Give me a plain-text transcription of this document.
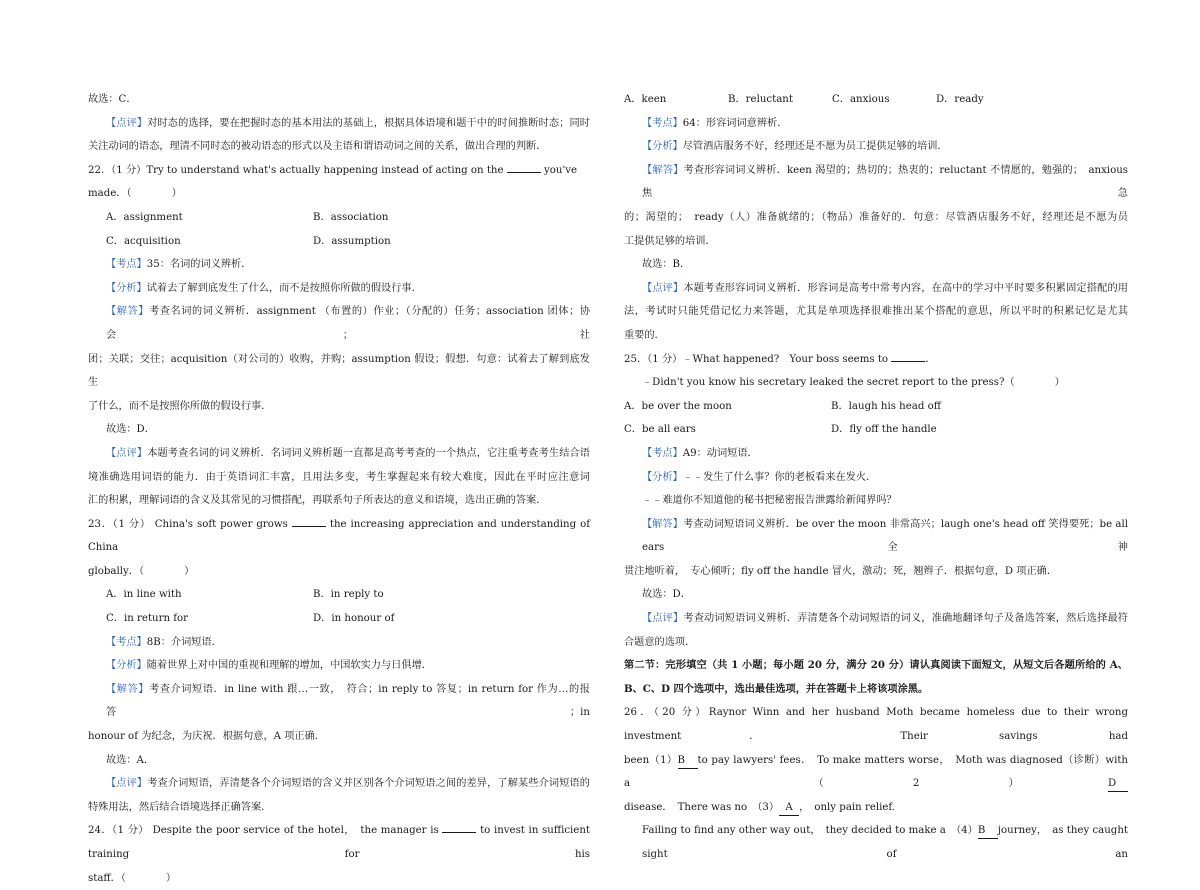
故选：C．

【点评】对时态的选择，要在把握时态的基本用法的基础上，根据具体语境和题干中的时间推断时态；同时

关注动词的语态，理清不同时态的被动语态的形式以及主语和谓语动词之间的关系，做出合理的判断．

22．（1 分）Try to understand what's actually happening instead of acting on the	you've made．（	）

A．assignment	B．association

C．acquisition	D．assumption

【考点】35：名词的词义辨析．

【分析】试着去了解到底发生了什么，而不是按照你所做的假设行事．

【解答】考查名词的词义辨析．assignment （布置的）作业；（分配的）任务；association 团体；协会；社

团；关联；交往；acquisition（对公司的）收购，并购；assumption 假设；假想．句意：试着去了解到底发生

了什么，而不是按照你所做的假设行事．

故选：D．

【点评】本题考查名词的词义辨析．名词词义辨析题一直都是高考考查的一个热点，它注重考查考生结合语

境准确选用词语的能力．由于英语词汇丰富，且用法多变，考生掌握起来有较大难度，因此在平时应注意词

汇的积累，理解词语的含义及其常见的习惯搭配，再联系句子所表达的意义和语境，选出正确的答案．

23．（1 分） China's soft power grows	the increasing appreciation and understanding of China

globally．（	）

A．in line with	B．in reply to

C．in return for	D．in honour of

【考点】8B：介词短语．

【分析】随着世界上对中国的重视和理解的增加，中国软实力与日俱增．

【解答】考查介词短语．in line with 跟…一致，　符合；in reply to 答复；in return for 作为…的报答；in

honour of 为纪念，为庆祝．根据句意，A 项正确．

故选：A．

【点评】考查介词短语，弄清楚各个介词短语的含义并区别各个介词短语之间的差异，了解某些介词短语的

特殊用法，然后结合语境选择正确答案．

24．（1 分） Despite the poor service of the hotel，　the manager is	to invest in sufficient training for his

staff．（	）

A．keen	B．reluctant	C．anxious	D．ready

【考点】64：形容词词意辨析．

【分析】尽管酒店服务不好，经理还是不愿为员工提供足够的培训．

【解答】考查形容词词义辨析．keen 渴望的；热切的；热衷的；reluctant 不情愿的，勉强的；　anxious 焦急

的；渴望的；　ready（人）准备就绪的；（物品）准备好的．句意：尽管酒店服务不好，经理还是不愿为员

工提供足够的培训．

故选：B．

【点评】本题考查形容词词义辨析．形容词是高考中常考内容，在高中的学习中平时要多积累固定搭配的用

法，考试时只能凭借记忆力来答题，尤其是单项选择很难推出某个搭配的意思，所以平时的积累记忆是尤其

重要的．

25．（1 分）﹣What happened?　Your boss seems to	．

﹣Didn't you know his secretary leaked the secret report to the press?（	）

A．be over the moon	B．laugh his head off

C．be all ears	D．fly off the handle

【考点】A9：动词短语．

【分析】﹣﹣发生了什么事？你的老板看来在发火．

﹣﹣难道你不知道他的秘书把秘密报告泄露给新闻界吗？

【解答】考查动词短语词义辨析．be over the moon 非常高兴；laugh one's head off 笑得要死；be all ears 全神

贯注地听着，　专心倾听；fly off the handle 冒火，激动；死，翘辫子．根据句意，D 项正确．

故选：D．

【点评】考查动词短语词义辨析．弄清楚各个动词短语的词义，准确地翻译句子及备选答案，然后选择最符

合题意的选项．

第二节：完形填空（共 1 小题；每小题 20 分，满分 20 分）请认真阅读下面短文，从短文后各题所给的 A、

B、C、D 四个选项中，选出最佳选项，并在答题卡上将该项涂黑。

26．（20 分）Raynor Winn and her husband Moth became homeless due to their wrong investment．　Their savings had

been（1）B to pay lawyers' fees．　To make matters worse，　Moth was diagnosed（诊断）with a　（2）D

disease．　There was no　（3） A ，　only pain relief.

Failing to find any other way out，　they decided to make a　（4）B journey，　as they caught sight of an
